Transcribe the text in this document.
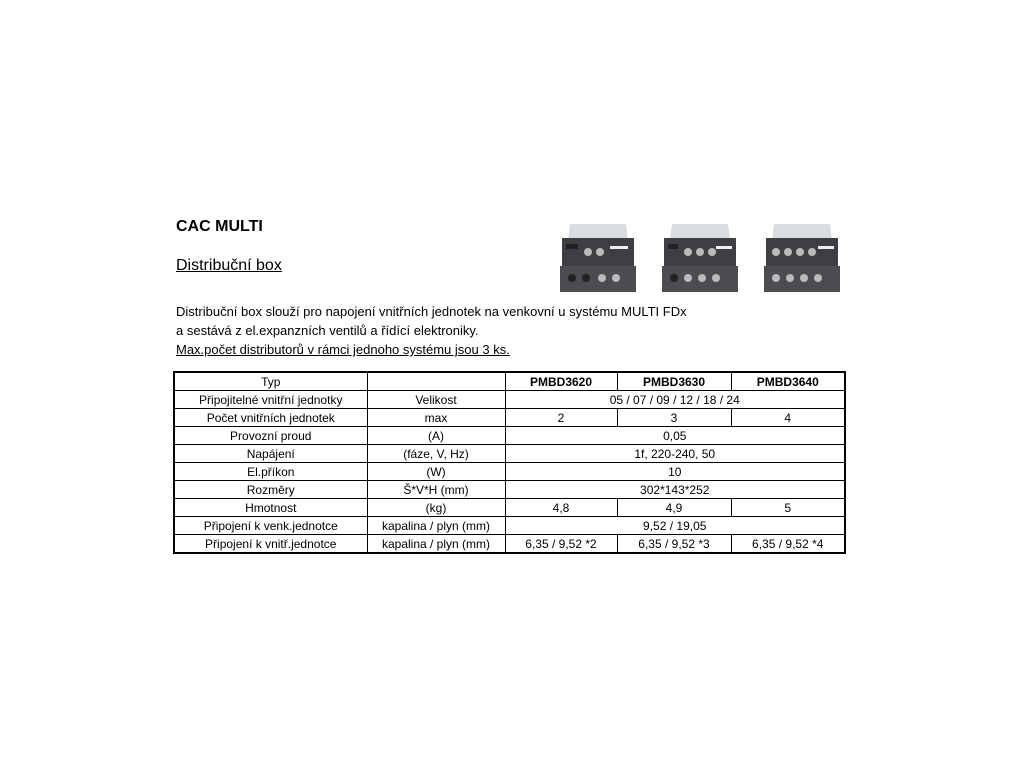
CAC MULTI
Distribuční box
Distribuční box slouží pro napojení vnitřních jednotek na venkovní u systému MULTI FDx
a sestává z el.expanzních ventilů a řídící elektroniky.
Max.počet distributorů v rámci jednoho systému jsou 3 ks.
Typ		PMBD3620	PMBD3630	PMBD3640
Připojitelné vnitřní jednotky	Velikost	05 / 07 / 09 / 12 / 18 / 24		
Počet vnitřních jednotek	max	2	3	4
Provozní proud	(A)	0,05		
Napájení	(fáze, V, Hz)	1f, 220-240, 50		
El.příkon	(W)	10		
Rozměry	Š*V*H (mm)	302*143*252		
Hmotnost	(kg)	4,8	4,9	5
Připojení k venk.jednotce	kapalina / plyn (mm)	9,52 / 19,05		
Připojení k vnitř.jednotce	kapalina / plyn (mm)	6,35 / 9,52 *2	6,35 / 9,52 *3	6,35 / 9,52 *4
